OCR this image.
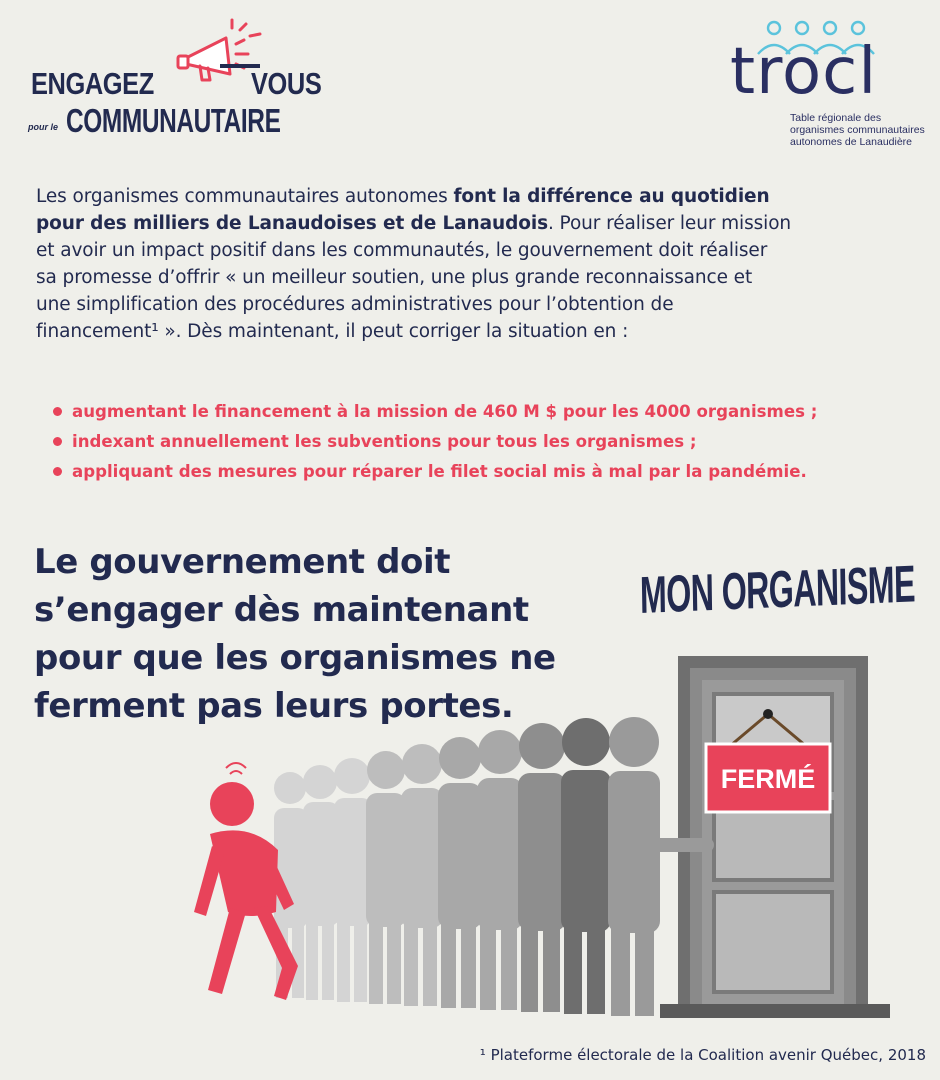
ENGAGEZ	VOUS
pour le COMMUNAUTAIRE
trocl
Table régionale des
organismes communautaires
autonomes de Lanaudière
Les organismes communautaires autonomes font la différence au quotidien
pour des milliers de Lanaudoises et de Lanaudois. Pour réaliser leur mission
et avoir un impact positif dans les communautés, le gouvernement doit réaliser
sa promesse d’offrir « un meilleur soutien, une plus grande reconnaissance et
une simplification des procédures administratives pour l’obtention de
financement¹ ». Dès maintenant, il peut corriger la situation en :
augmentant le financement à la mission de 460 M $ pour les 4000 organismes ;
indexant annuellement les subventions pour tous les organismes ;
appliquant des mesures pour réparer le filet social mis à mal par la pandémie.
Le gouvernement doit
s’engager dès maintenant
pour que les organismes ne
ferment pas leurs portes.
MON ORGANISME
FERMÉ
¹ Plateforme électorale de la Coalition avenir Québec, 2018
